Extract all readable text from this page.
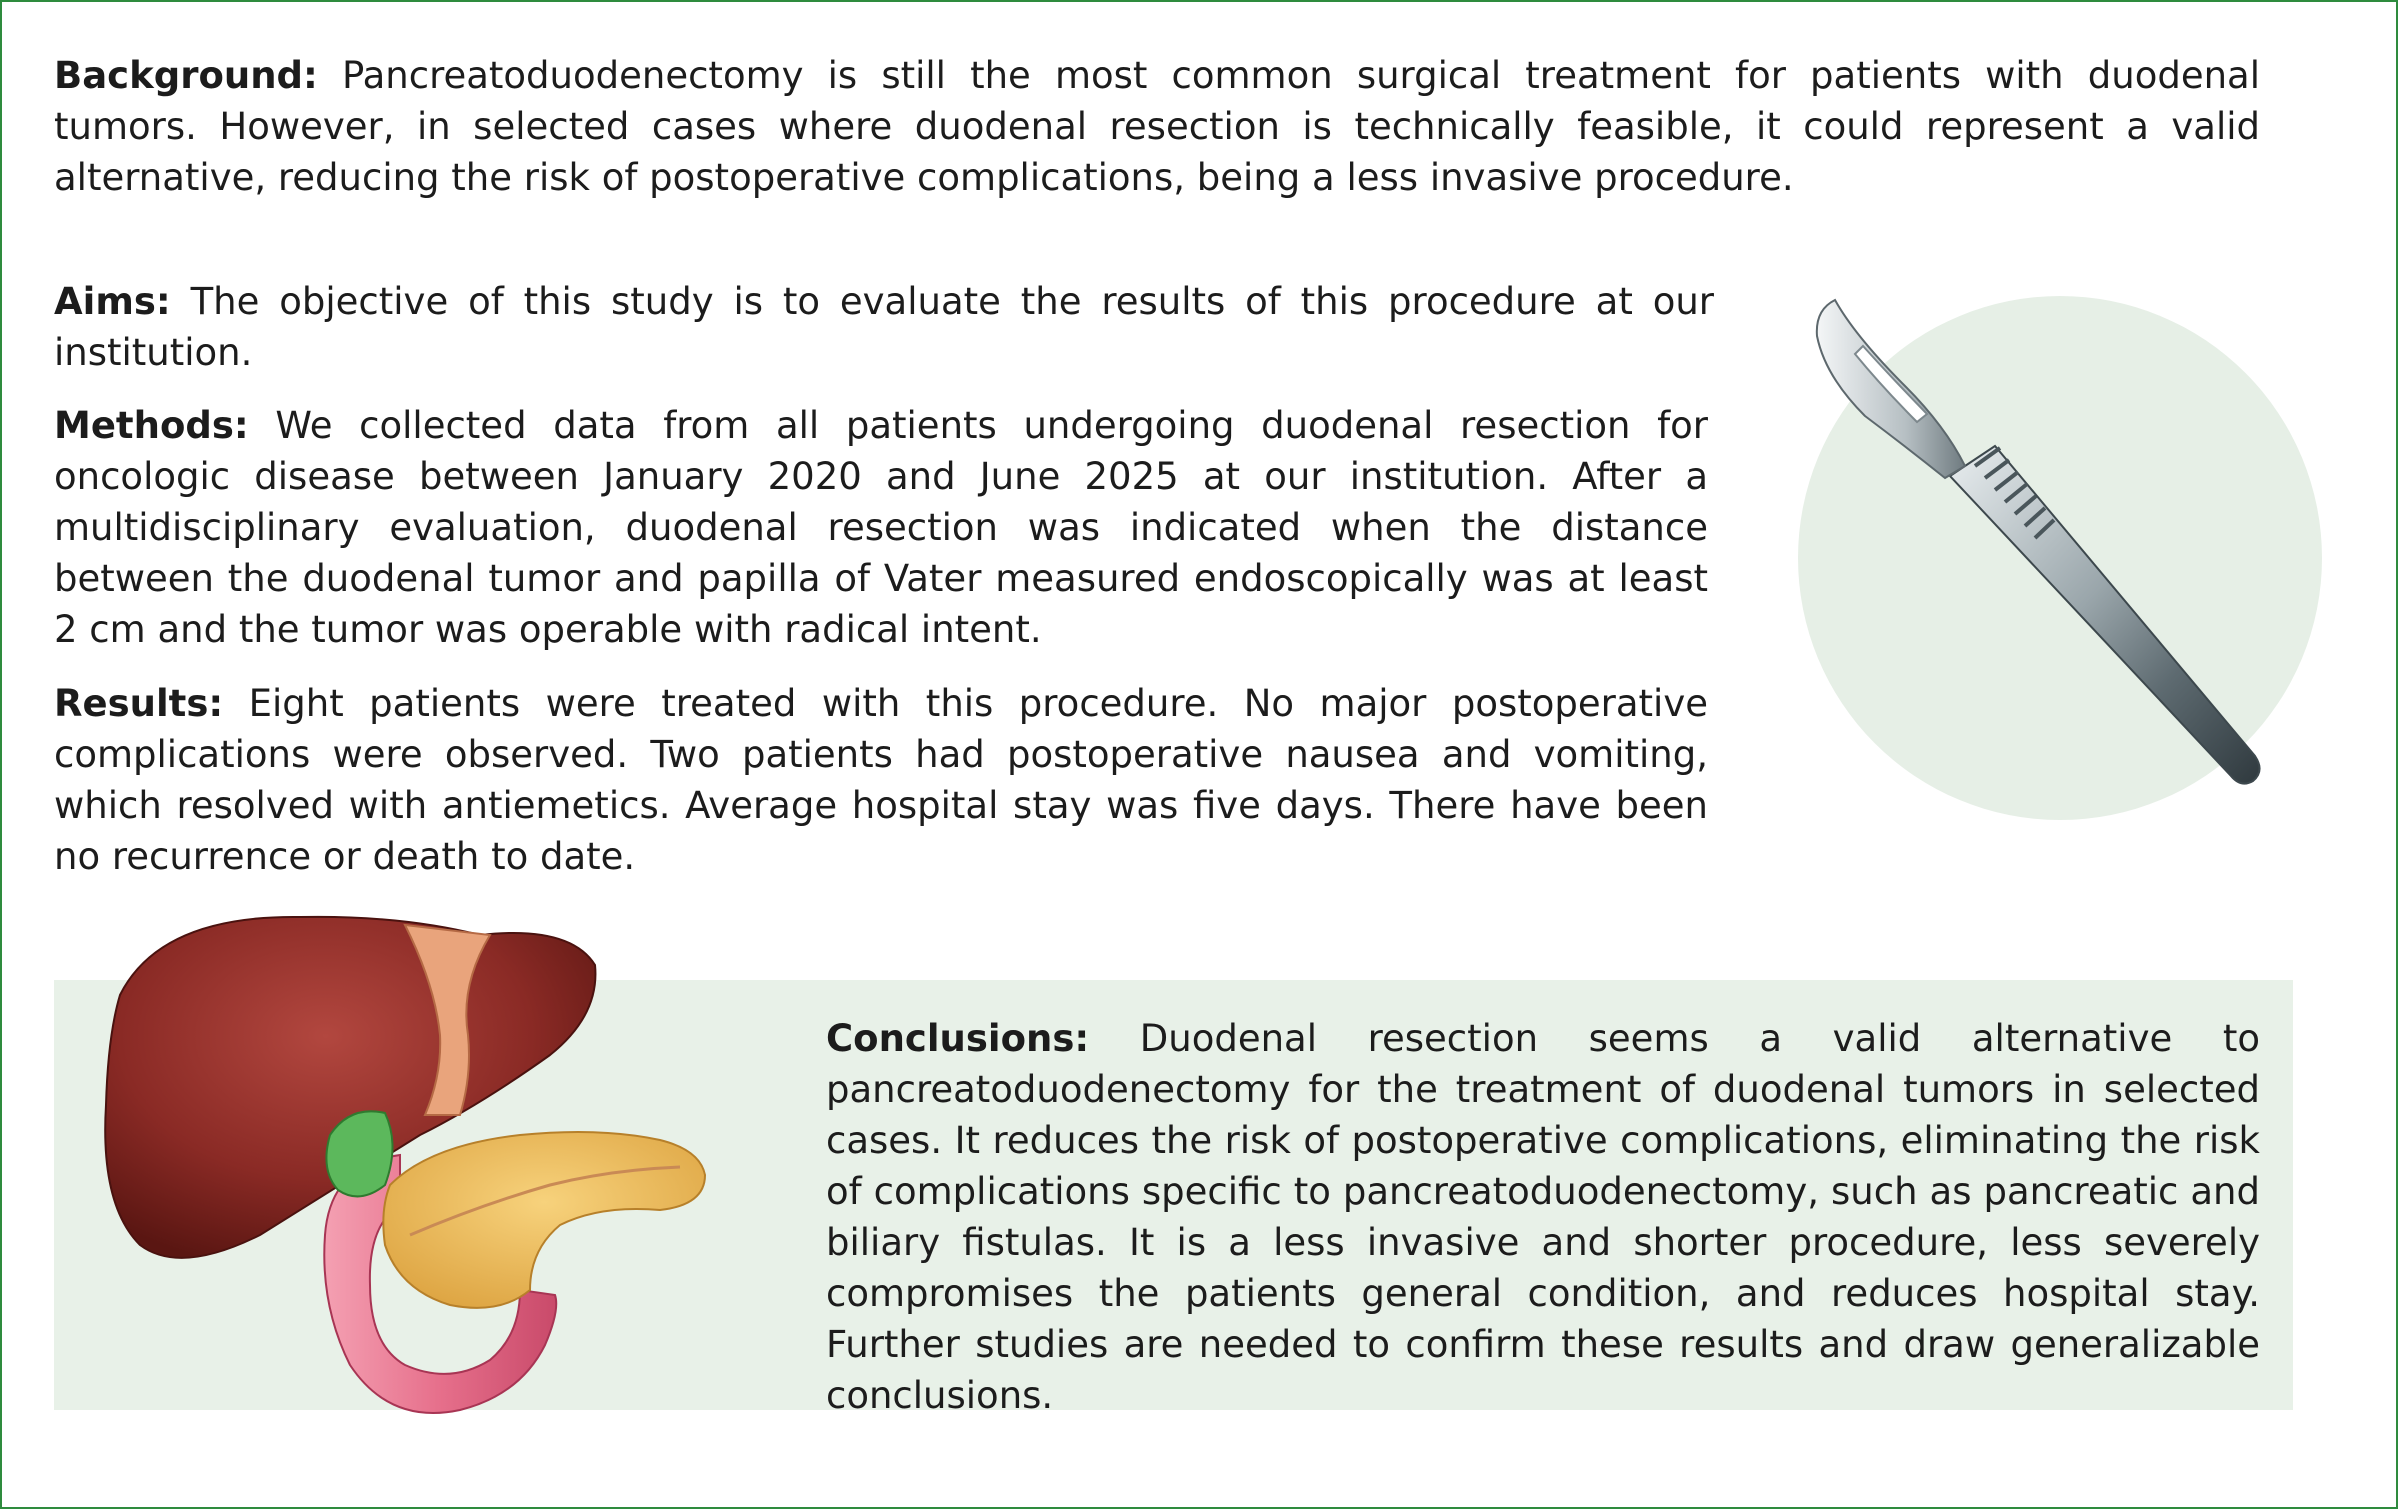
Background: Pancreatoduodenectomy is still the most common surgical treatment for patients with duodenal tumors. However, in selected cases where duodenal resection is technically feasible, it could represent a valid alternative, reducing the risk of postoperative complications, being a less invasive procedure.

Aims: The objective of this study is to evaluate the results of this procedure at our institution.

Methods: We collected data from all patients undergoing duodenal resection for oncologic disease between January 2020 and June 2025 at our institution. After a multidisciplinary evaluation, duodenal resection was indicated when the distance between the duodenal tumor and papilla of Vater measured endoscopically was at least 2 cm and the tumor was operable with radical intent.

Results: Eight patients were treated with this procedure. No major postoperative complications were observed. Two patients had postoperative nausea and vomiting, which resolved with antiemetics. Average hospital stay was five days. There have been no recurrence or death to date.

Conclusions: Duodenal resection seems a valid alternative to pancreatoduodenectomy for the treatment of duodenal tumors in selected cases. It reduces the risk of postoperative complications, eliminating the risk of complications specific to pancreatoduodenectomy, such as pancreatic and biliary fistulas. It is a less invasive and shorter procedure, less severely compromises the patients general condition, and reduces hospital stay. Further studies are needed to confirm these results and draw generalizable conclusions.
